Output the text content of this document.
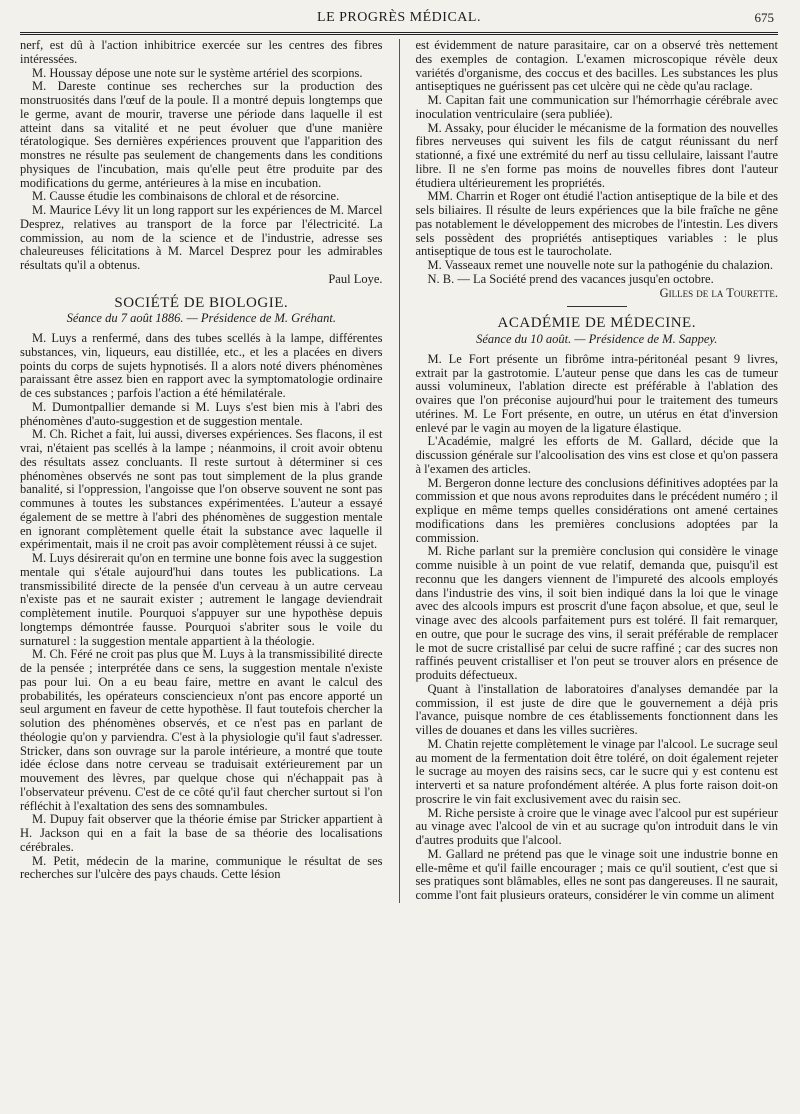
LE PROGRÈS MÉDICAL.	675

nerf, est dû à l'action inhibitrice exercée sur les centres des fibres intéressées.

M. Houssay dépose une note sur le système artériel des scorpions.

M. Dareste continue ses recherches sur la production des monstruosités dans l'œuf de la poule. Il a montré depuis longtemps que le germe, avant de mourir, traverse une période dans laquelle il est atteint dans sa vitalité et ne peut évoluer que d'une manière tératologique. Ses dernières expériences prouvent que l'apparition des monstres ne résulte pas seulement de changements dans les conditions physiques de l'incubation, mais qu'elle peut être produite par des modifications du germe, antérieures à la mise en incubation.

M. Causse étudie les combinaisons de chloral et de résorcine.

M. Maurice Lévy lit un long rapport sur les expériences de M. Marcel Desprez, relatives au transport de la force par l'électricité. La commission, au nom de la science et de l'industrie, adresse ses chaleureuses félicitations à M. Marcel Desprez pour les admirables résultats qu'il a obtenus.

Paul Loye.
SOCIÉTÉ DE BIOLOGIE.
Séance du 7 août 1886. — Présidence de M. Gréhant.

M. Luys a renfermé, dans des tubes scellés à la lampe, différentes substances, vin, liqueurs, eau distillée, etc., et les a placées en divers points du corps de sujets hypnotisés. Il a alors noté divers phénomènes paraissant être assez bien en rapport avec la symptomatologie ordinaire de ces substances ; parfois l'action a été hémilatérale.

M. Dumontpallier demande si M. Luys s'est bien mis à l'abri des phénomènes d'auto-suggestion et de suggestion mentale.

M. Ch. Richet a fait, lui aussi, diverses expériences. Ses flacons, il est vrai, n'étaient pas scellés à la lampe ; néanmoins, il croit avoir obtenu des résultats assez concluants. Il reste surtout à déterminer si ces phénomènes observés ne sont pas tout simplement de la plus grande banalité, si l'oppression, l'angoisse que l'on observe souvent ne sont pas communes à toutes les substances expérimentées. L'auteur a essayé également de se mettre à l'abri des phénomènes de suggestion mentale en ignorant complètement quelle était la substance avec laquelle il expérimentait, mais il ne croit pas avoir complètement réussi à ce sujet.

M. Luys désirerait qu'on en termine une bonne fois avec la suggestion mentale qui s'étale aujourd'hui dans toutes les publications. La transmissibilité directe de la pensée d'un cerveau à un autre cerveau n'existe pas et ne saurait exister ; autrement le langage deviendrait complètement inutile. Pourquoi s'appuyer sur une hypothèse depuis longtemps démontrée fausse. Pourquoi s'abriter sous le voile du surnaturel : la suggestion mentale appartient à la théologie.

M. Ch. Féré ne croit pas plus que M. Luys à la transmissibilité directe de la pensée ; interprétée dans ce sens, la suggestion mentale n'existe pas pour lui. On a eu beau faire, mettre en avant le calcul des probabilités, les opérateurs consciencieux n'ont pas encore apporté un seul argument en faveur de cette hypothèse. Il faut toutefois chercher la solution des phénomènes observés, et ce n'est pas en parlant de théologie qu'on y parviendra. C'est à la physiologie qu'il faut s'adresser. Stricker, dans son ouvrage sur la parole intérieure, a montré que toute idée éclose dans notre cerveau se traduisait extérieurement par un mouvement des lèvres, par quelque chose qui n'échappait pas à l'observateur prévenu. C'est de ce côté qu'il faut chercher surtout si l'on réfléchit à l'exaltation des sens des somnambules.

M. Dupuy fait observer que la théorie émise par Stricker appartient à H. Jackson qui en a fait la base de sa théorie des localisations cérébrales.

M. Petit, médecin de la marine, communique le résultat de ses recherches sur l'ulcère des pays chauds. Cette lésion

est évidemment de nature parasitaire, car on a observé très nettement des exemples de contagion. L'examen microscopique révèle deux variétés d'organisme, des coccus et des bacilles. Les substances les plus antiseptiques ne guérissent pas cet ulcère qui ne cède qu'au raclage.

M. Capitan fait une communication sur l'hémorrhagie cérébrale avec inoculation ventriculaire (sera publiée).

M. Assaky, pour élucider le mécanisme de la formation des nouvelles fibres nerveuses qui suivent les fils de catgut réunissant du nerf stationné, a fixé une extrémité du nerf au tissu cellulaire, laissant l'autre libre. Il ne s'en forme pas moins de nouvelles fibres dont l'auteur étudiera ultérieurement les propriétés.

MM. Charrin et Roger ont étudié l'action antiseptique de la bile et des sels biliaires. Il résulte de leurs expériences que la bile fraîche ne gêne pas notablement le développement des microbes de l'intestin. Les divers sels possèdent des propriétés antiseptiques variables : le plus antiseptique de tous est le taurocholate.

M. Vasseaux remet une nouvelle note sur la pathogénie du chalazion.

N. B. — La Société prend des vacances jusqu'en octobre.

Gilles de la Tourette.
ACADÉMIE DE MÉDECINE.
Séance du 10 août. — Présidence de M. Sappey.

M. Le Fort présente un fibrôme intra-péritonéal pesant 9 livres, extrait par la gastrotomie. L'auteur pense que dans les cas de tumeur aussi volumineux, l'ablation directe est préférable à l'ablation des ovaires que l'on préconise aujourd'hui pour le traitement des tumeurs utérines. M. Le Fort présente, en outre, un utérus en état d'inversion enlevé par le vagin au moyen de la ligature élastique.

L'Académie, malgré les efforts de M. Gallard, décide que la discussion générale sur l'alcoolisation des vins est close et qu'on passera à l'examen des articles.

M. Bergeron donne lecture des conclusions définitives adoptées par la commission et que nous avons reproduites dans le précédent numéro ; il explique en même temps quelles considérations ont amené certaines modifications dans les premières conclusions adoptées par la commission.

M. Riche parlant sur la première conclusion qui considère le vinage comme nuisible à un point de vue relatif, demanda que, puisqu'il est reconnu que les dangers viennent de l'impureté des alcools employés dans l'industrie des vins, il soit bien indiqué dans la loi que le vinage avec des alcools impurs est proscrit d'une façon absolue, et que, seul le vinage avec des alcools parfaitement purs est toléré. Il fait remarquer, en outre, que pour le sucrage des vins, il serait préférable de remplacer le mot de sucre cristallisé par celui de sucre raffiné ; car des sucres non raffinés peuvent cristalliser et l'on peut se trouver alors en présence de produits défectueux.

Quant à l'installation de laboratoires d'analyses demandée par la commission, il est juste de dire que le gouvernement a déjà pris l'avance, puisque nombre de ces établissements fonctionnent dans les villes de douanes et dans les villes sucrières.

M. Chatin rejette complètement le vinage par l'alcool. Le sucrage seul au moment de la fermentation doit être toléré, on doit également rejeter le sucrage au moyen des raisins secs, car le sucre qui y est contenu est interverti et sa nature profondément altérée. A plus forte raison doit-on proscrire le vin fait exclusivement avec du raisin sec.

M. Riche persiste à croire que le vinage avec l'alcool pur est supérieur au vinage avec l'alcool de vin et au sucrage qu'on introduit dans le vin d'autres produits que l'alcool.

M. Gallard ne prétend pas que le vinage soit une industrie bonne en elle-même et qu'il faille encourager ; mais ce qu'il soutient, c'est que si ses pratiques sont blâmables, elles ne sont pas dangereuses. Il ne saurait, comme l'ont fait plusieurs orateurs, considérer le vin comme un aliment
